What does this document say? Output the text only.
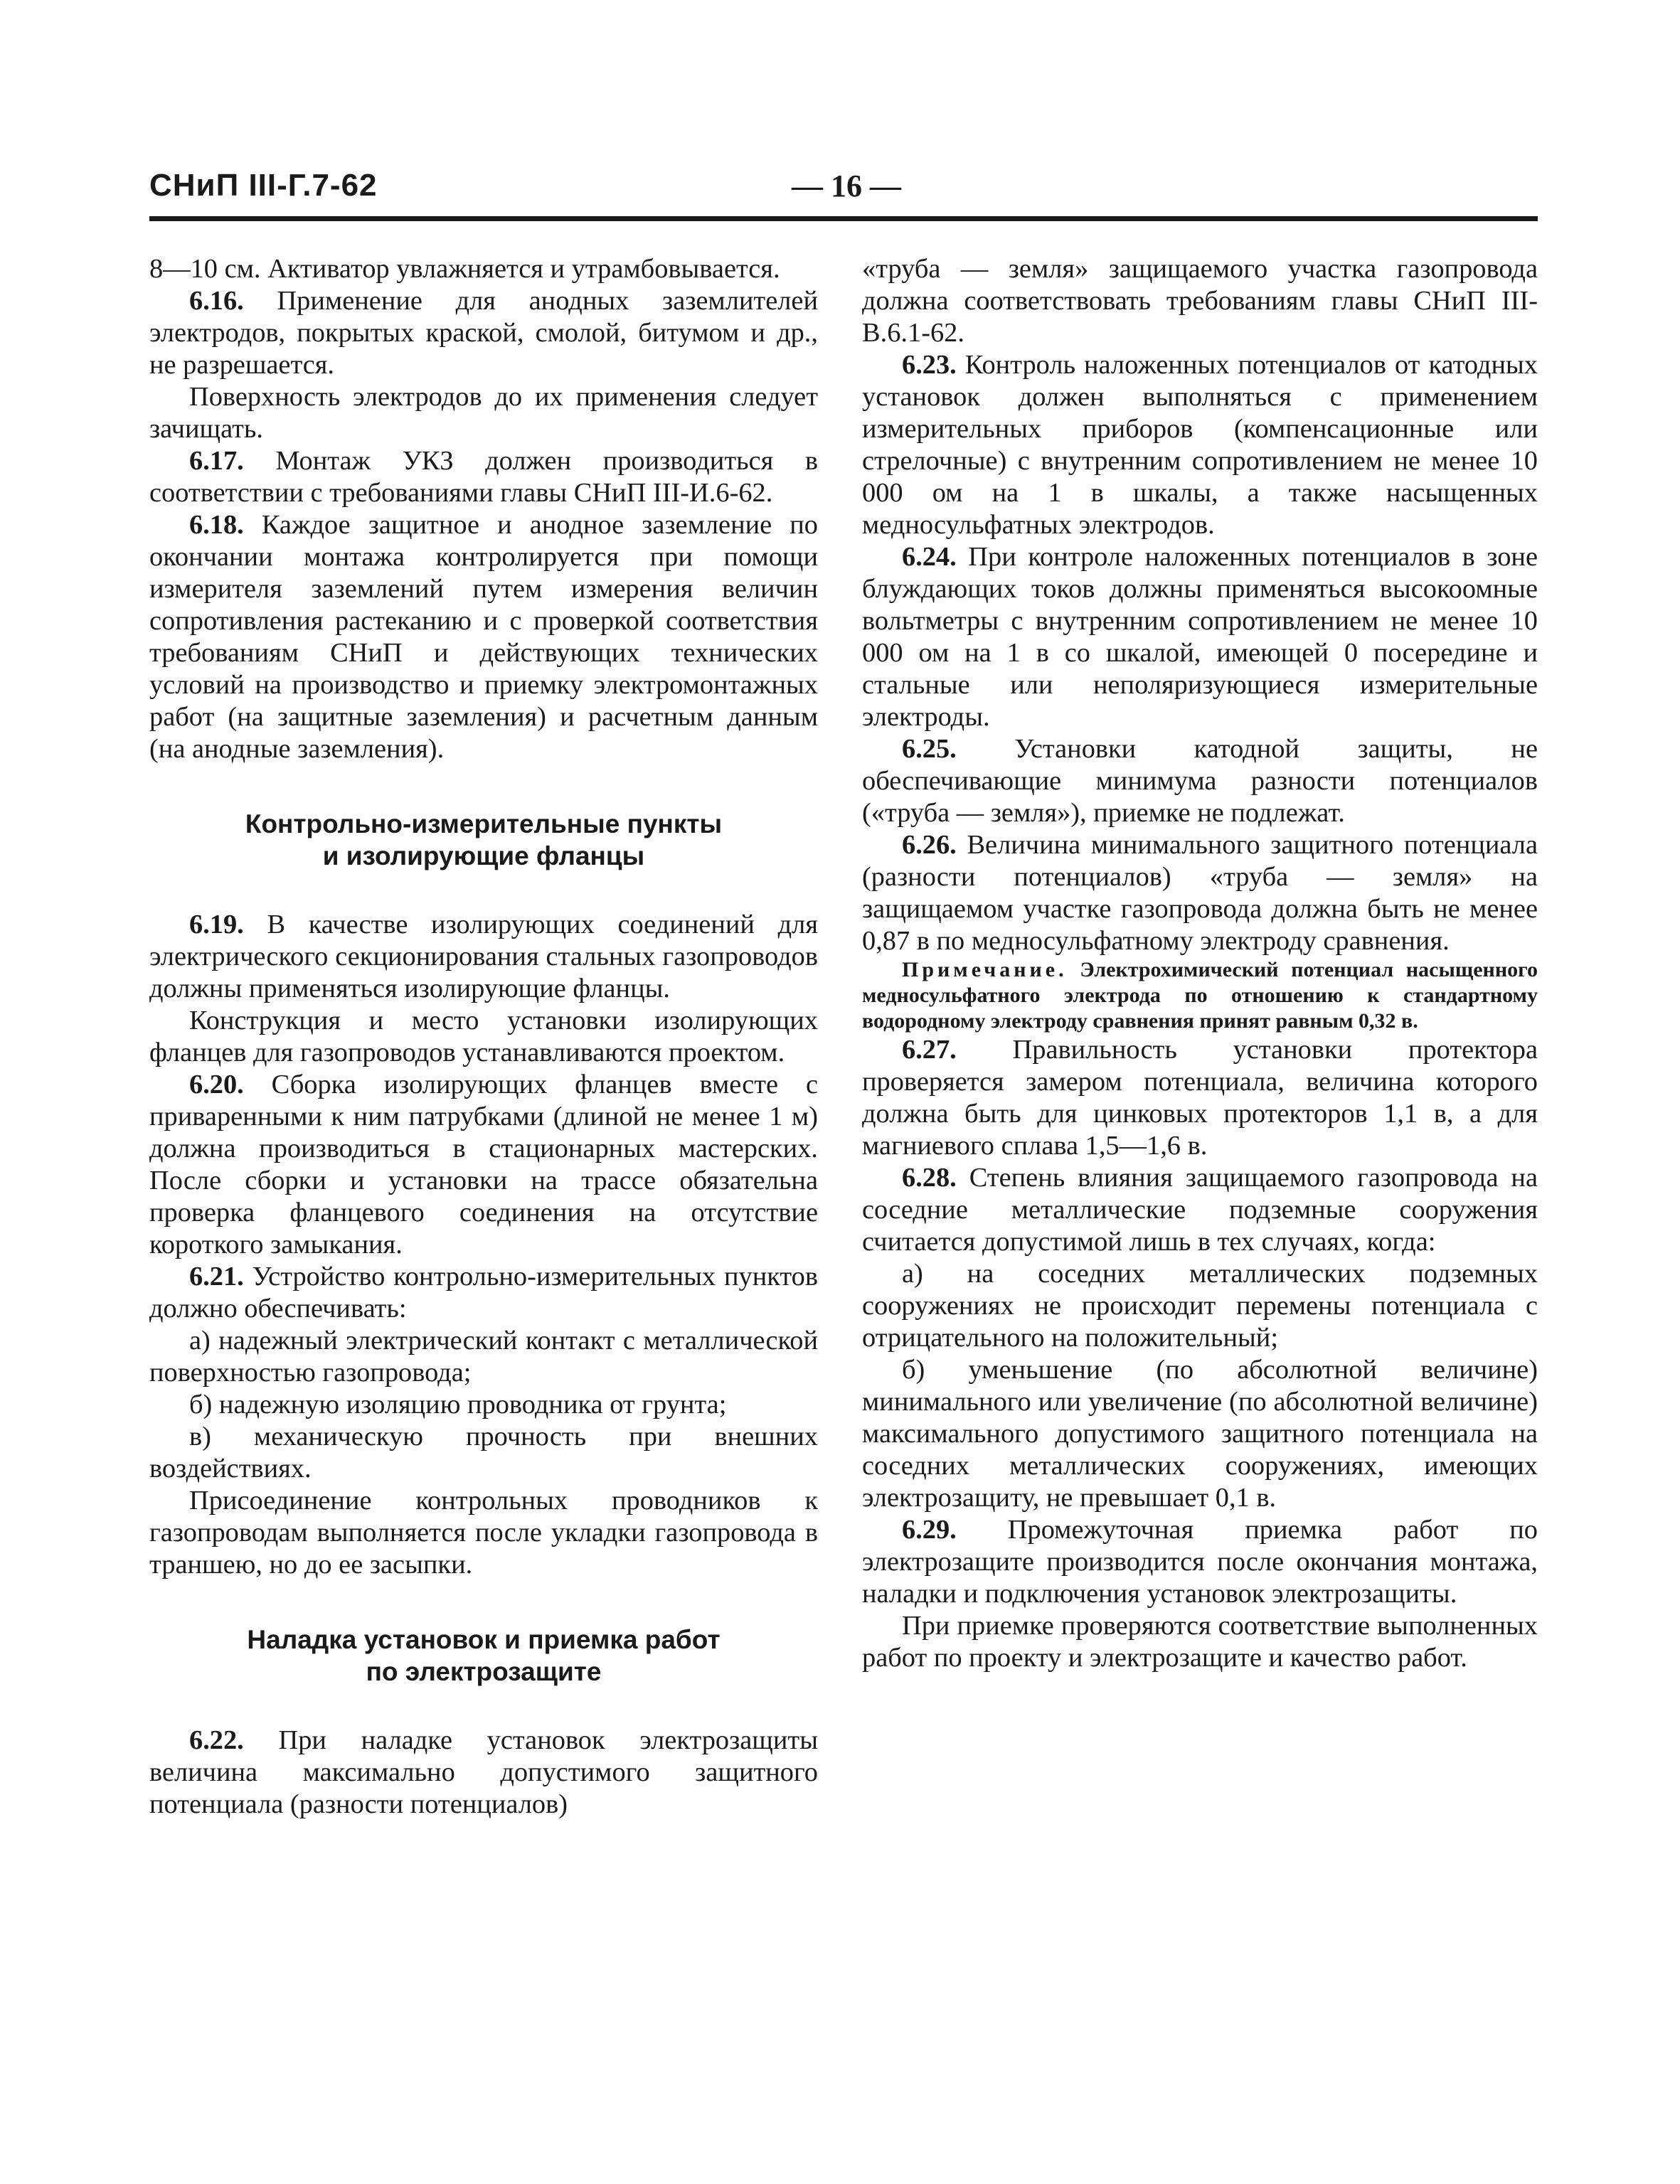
СНиП III-Г.7-62	— 16 —

8—10 см. Активатор увлажняется и утрамбовывается.

6.16. Применение для анодных заземлителей электродов, покрытых краской, смолой, битумом и др., не разрешается.

Поверхность электродов до их применения следует зачищать.

6.17. Монтаж УКЗ должен производиться в соответствии с требованиями главы СНиП III-И.6-62.

6.18. Каждое защитное и анодное заземление по окончании монтажа контролируется при помощи измерителя заземлений путем измерения величин сопротивления растеканию и с проверкой соответствия требованиям СНиП и действующих технических условий на производство и приемку электромонтажных работ (на защитные заземления) и расчетным данным (на анодные заземления).

Контрольно-измерительные пункты
и изолирующие фланцы

6.19. В качестве изолирующих соединений для электрического секционирования стальных газопроводов должны применяться изолирующие фланцы.

Конструкция и место установки изолирующих фланцев для газопроводов устанавливаются проектом.

6.20. Сборка изолирующих фланцев вместе с приваренными к ним патрубками (длиной не менее 1 м) должна производиться в стационарных мастерских. После сборки и установки на трассе обязательна проверка фланцевого соединения на отсутствие короткого замыкания.

6.21. Устройство контрольно-измерительных пунктов должно обеспечивать:

а) надежный электрический контакт с металлической поверхностью газопровода;

б) надежную изоляцию проводника от грунта;

в) механическую прочность при внешних воздействиях.

Присоединение контрольных проводников к газопроводам выполняется после укладки газопровода в траншею, но до ее засыпки.

Наладка установок и приемка работ
по электрозащите

6.22. При наладке установок электрозащиты величина максимально допустимого защитного потенциала (разности потенциалов)

«труба — земля» защищаемого участка газопровода должна соответствовать требованиям главы СНиП III-В.6.1-62.

6.23. Контроль наложенных потенциалов от катодных установок должен выполняться с применением измерительных приборов (компенсационные или стрелочные) с внутренним сопротивлением не менее 10 000 ом на 1 в шкалы, а также насыщенных медносульфатных электродов.

6.24. При контроле наложенных потенциалов в зоне блуждающих токов должны применяться высокоомные вольтметры с внутренним сопротивлением не менее 10 000 ом на 1 в со шкалой, имеющей 0 посередине и стальные или неполяризующиеся измерительные электроды.

6.25. Установки катодной защиты, не обеспечивающие минимума разности потенциалов («труба — земля»), приемке не подлежат.

6.26. Величина минимального защитного потенциала (разности потенциалов) «труба — земля» на защищаемом участке газопровода должна быть не менее 0,87 в по медносульфатному электроду сравнения.

Примечание. Электрохимический потенциал насыщенного медносульфатного электрода по отношению к стандартному водородному электроду сравнения принят равным 0,32 в.

6.27. Правильность установки протектора проверяется замером потенциала, величина которого должна быть для цинковых протекторов 1,1 в, а для магниевого сплава 1,5—1,6 в.

6.28. Степень влияния защищаемого газопровода на соседние металлические подземные сооружения считается допустимой лишь в тех случаях, когда:

а) на соседних металлических подземных сооружениях не происходит перемены потенциала с отрицательного на положительный;

б) уменьшение (по абсолютной величине) минимального или увеличение (по абсолютной величине) максимального допустимого защитного потенциала на соседних металлических сооружениях, имеющих электрозащиту, не превышает 0,1 в.

6.29. Промежуточная приемка работ по электрозащите производится после окончания монтажа, наладки и подключения установок электрозащиты.

При приемке проверяются соответствие выполненных работ по проекту и электрозащите и качество работ.
